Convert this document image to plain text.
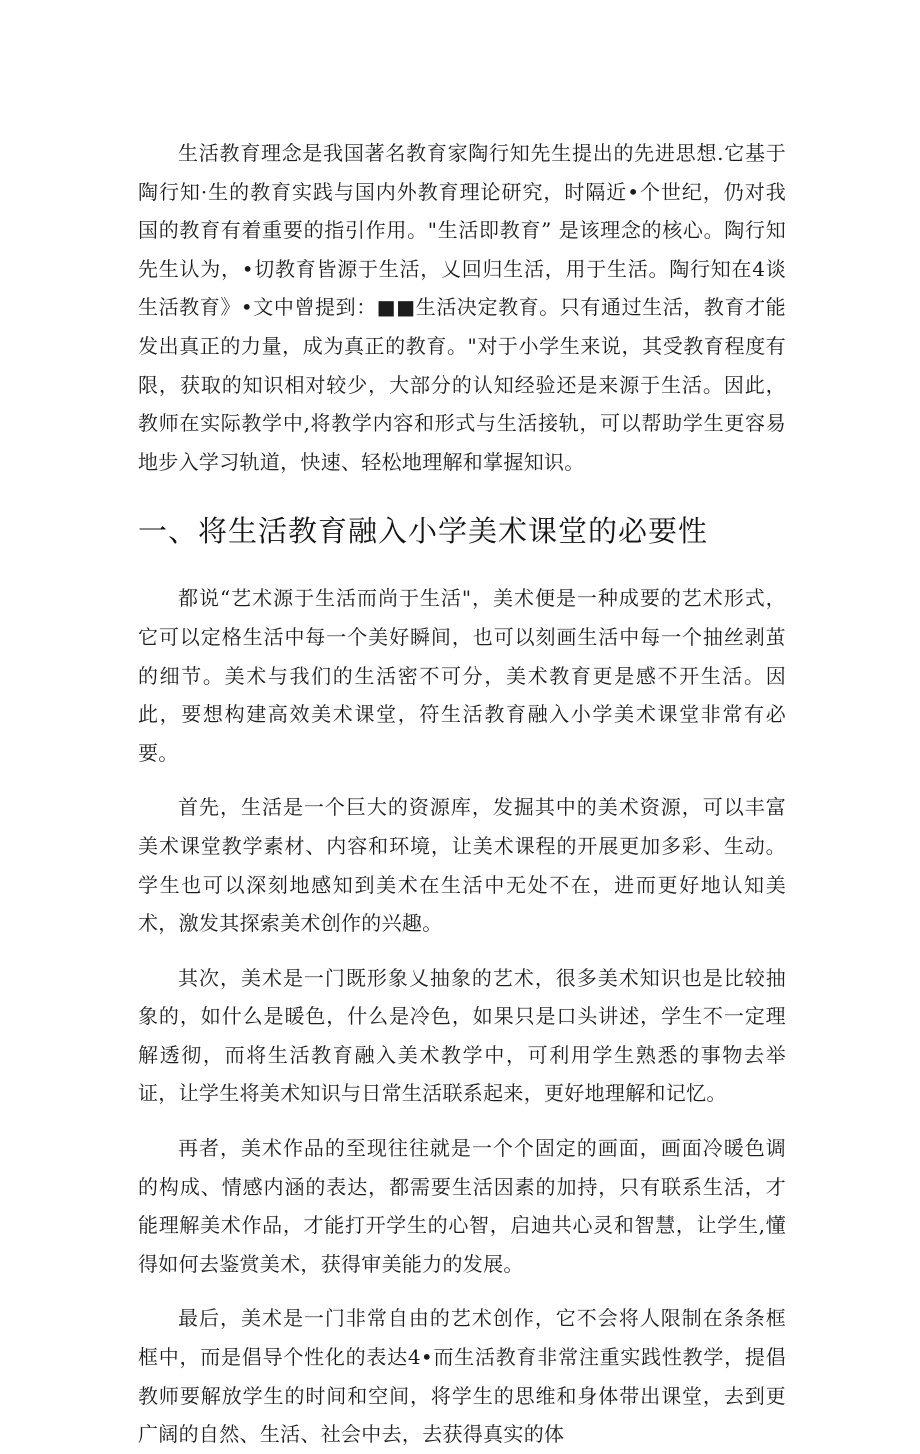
生活教育理念是我国著名教育家陶行知先生提出的先进思想.它基于陶行知·生的教育实践与国内外教育理论研究，时隔近•个世纪，仍对我国的教育有着重要的指引作用。"生活即教育” 是该理念的核心。陶行知先生认为，•切教育皆源于生活，乂回归生活，用于生活。陶行知在4谈生活教育》•文中曾提到：■■生活决定教育。只有通过生活，教育才能发出真正的力量，成为真正的教育。"对于小学生来说，其受教育程度有限，获取的知识相对较少，大部分的认知经验还是来源于生活。因此，教师在实际教学中,将教学内容和形式与生活接轨，可以帮助学生更容易地步入学习轨道，快速、轻松地理解和掌握知识。

一、将生活教育融入小学美术课堂的必要性

都说“艺术源于生活而尚于生活"，美术便是一种成要的艺术形式，它可以定格生活中每一个美好瞬间，也可以刻画生活中每一个抽丝剥茧的细节。美术与我们的生活密不可分，美术教育更是感不开生活。因此，要想构建高效美术课堂，符生活教育融入小学美术课堂非常有必要。

首先，生活是一个巨大的资源库，发掘其中的美术资源，可以丰富美术课堂教学素材、内容和环境，让美术课程的开展更加多彩、生动。学生也可以深刻地感知到美术在生活中无处不在，进而更好地认知美术，激发其探索美术创作的兴趣。

其次，美术是一门既形象乂抽象的艺术，很多美术知识也是比较抽象的，如什么是暖色，什么是冷色，如果只是口头讲述，学生不一定理解透彻，而将生活教育融入美术教学中，可利用学生熟悉的事物去举证，让学生将美术知识与日常生活联系起来，更好地理解和记忆。

再者，美术作品的至现往往就是一个个固定的画面，画面冷暖色调的构成、情感内涵的表达，都需要生活因素的加持，只有联系生活，才能理解美术作品，才能打开学生的心智，启迪共心灵和智慧，让学生,懂得如何去鉴赏美术，获得审美能力的发展。

最后，美术是一门非常自由的艺术创作，它不会将人限制在条条框框中，而是倡导个性化的表达4•而生活教育非常注重实践性教学，提倡教师要解放学生的时间和空间，将学生的思维和身体带出课堂，去到更广阔的自然、生活、社会中去，去获得真实的体
